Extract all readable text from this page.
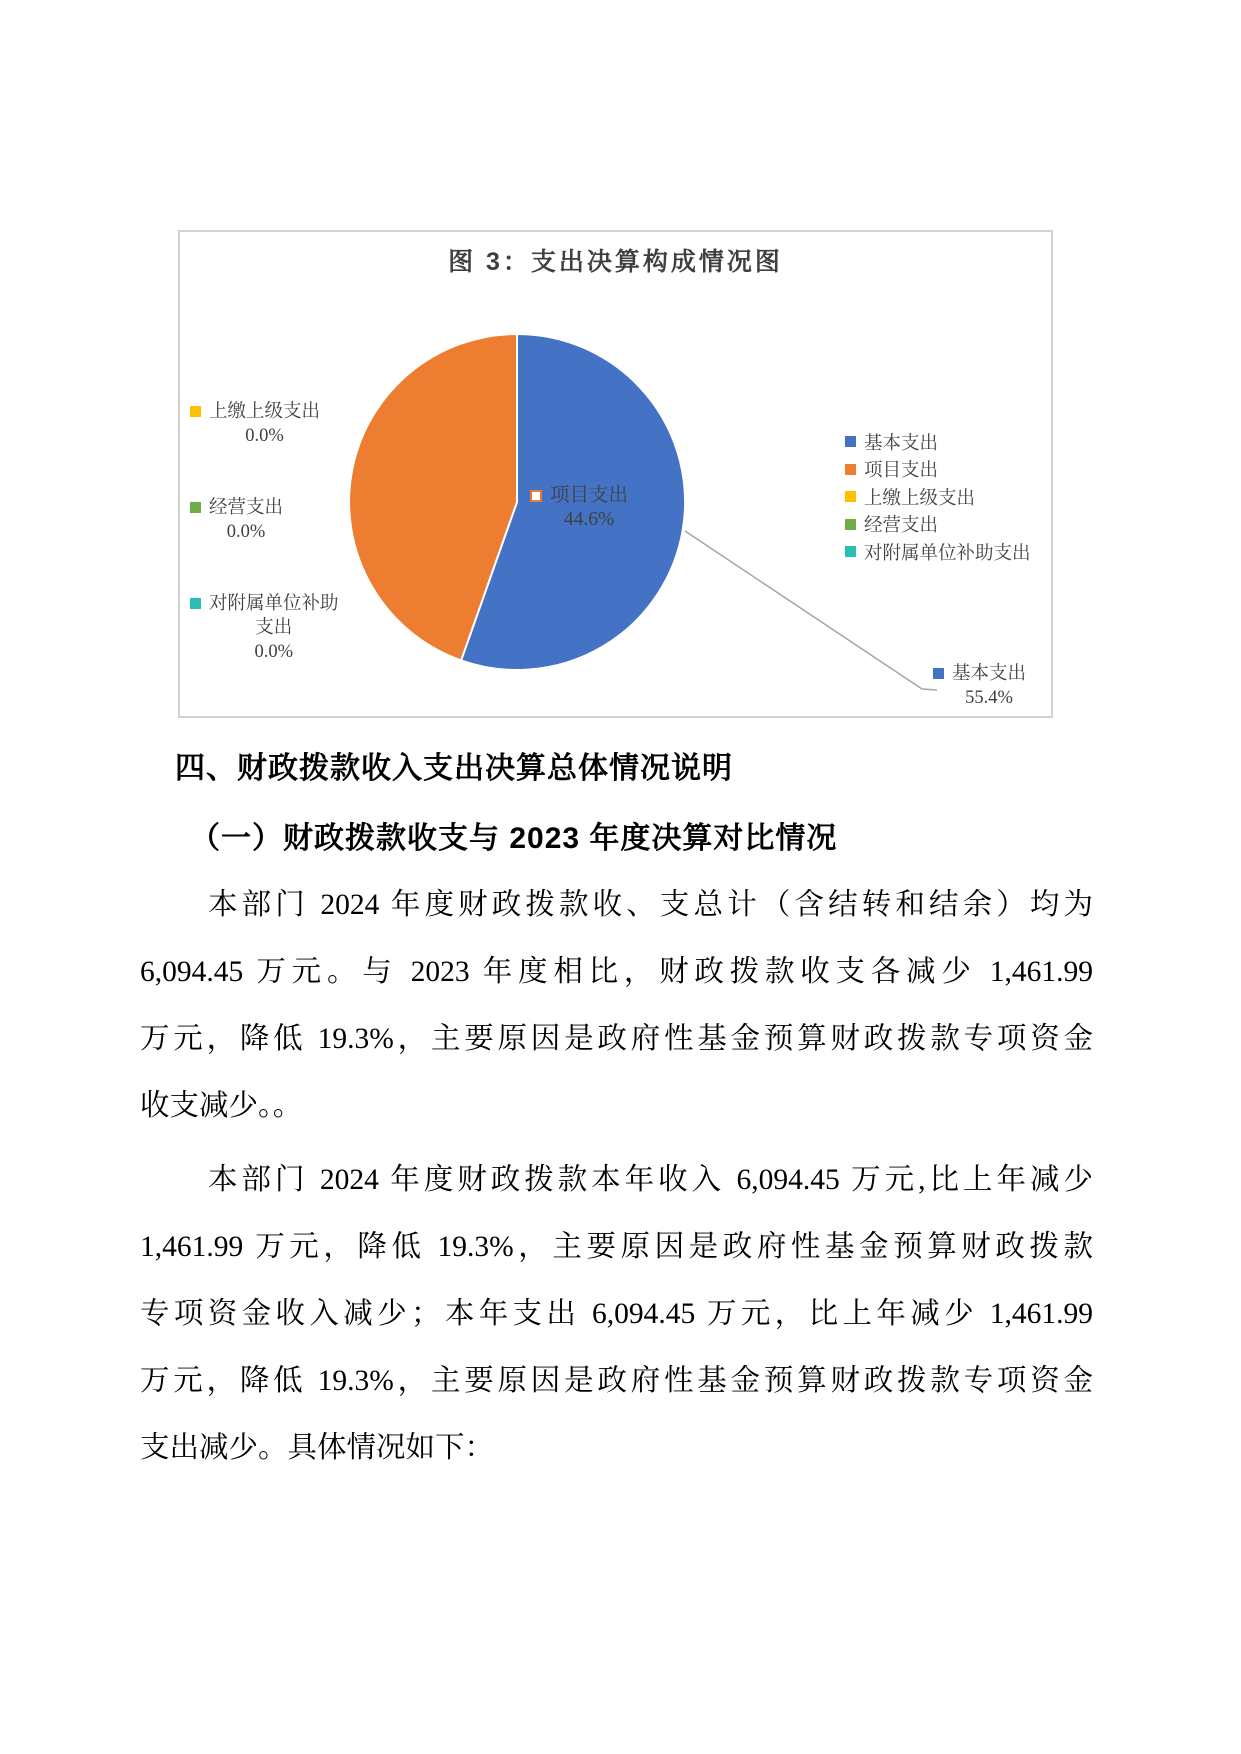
图 3：支出决算构成情况图
上缴上级支出
0.0%
经营支出
0.0%
对附属单位补助
支出
0.0%
项目支出
44.6%
基本支出
55.4%
基本支出
项目支出
上缴上级支出
经营支出
对附属单位补助支出
四、财政拨款收入支出决算总体情况说明
（一）财政拨款收支与 2023 年度决算对比情况
本部门 2024 年度财政拨款收、支总计（含结转和结余）均为
6,094.45 万元。与 2023 年度相比，财政拨款收支各减少 1,461.99
万元，降低 19.3%，主要原因是政府性基金预算财政拨款专项资金
收支减少。。
本部门 2024 年度财政拨款本年收入 6,094.45 万元,比上年减少
1,461.99 万元，降低 19.3%，主要原因是政府性基金预算财政拨款
专项资金收入减少；本年支出 6,094.45 万元，比上年减少 1,461.99
万元，降低 19.3%，主要原因是政府性基金预算财政拨款专项资金
支出减少。具体情况如下：
